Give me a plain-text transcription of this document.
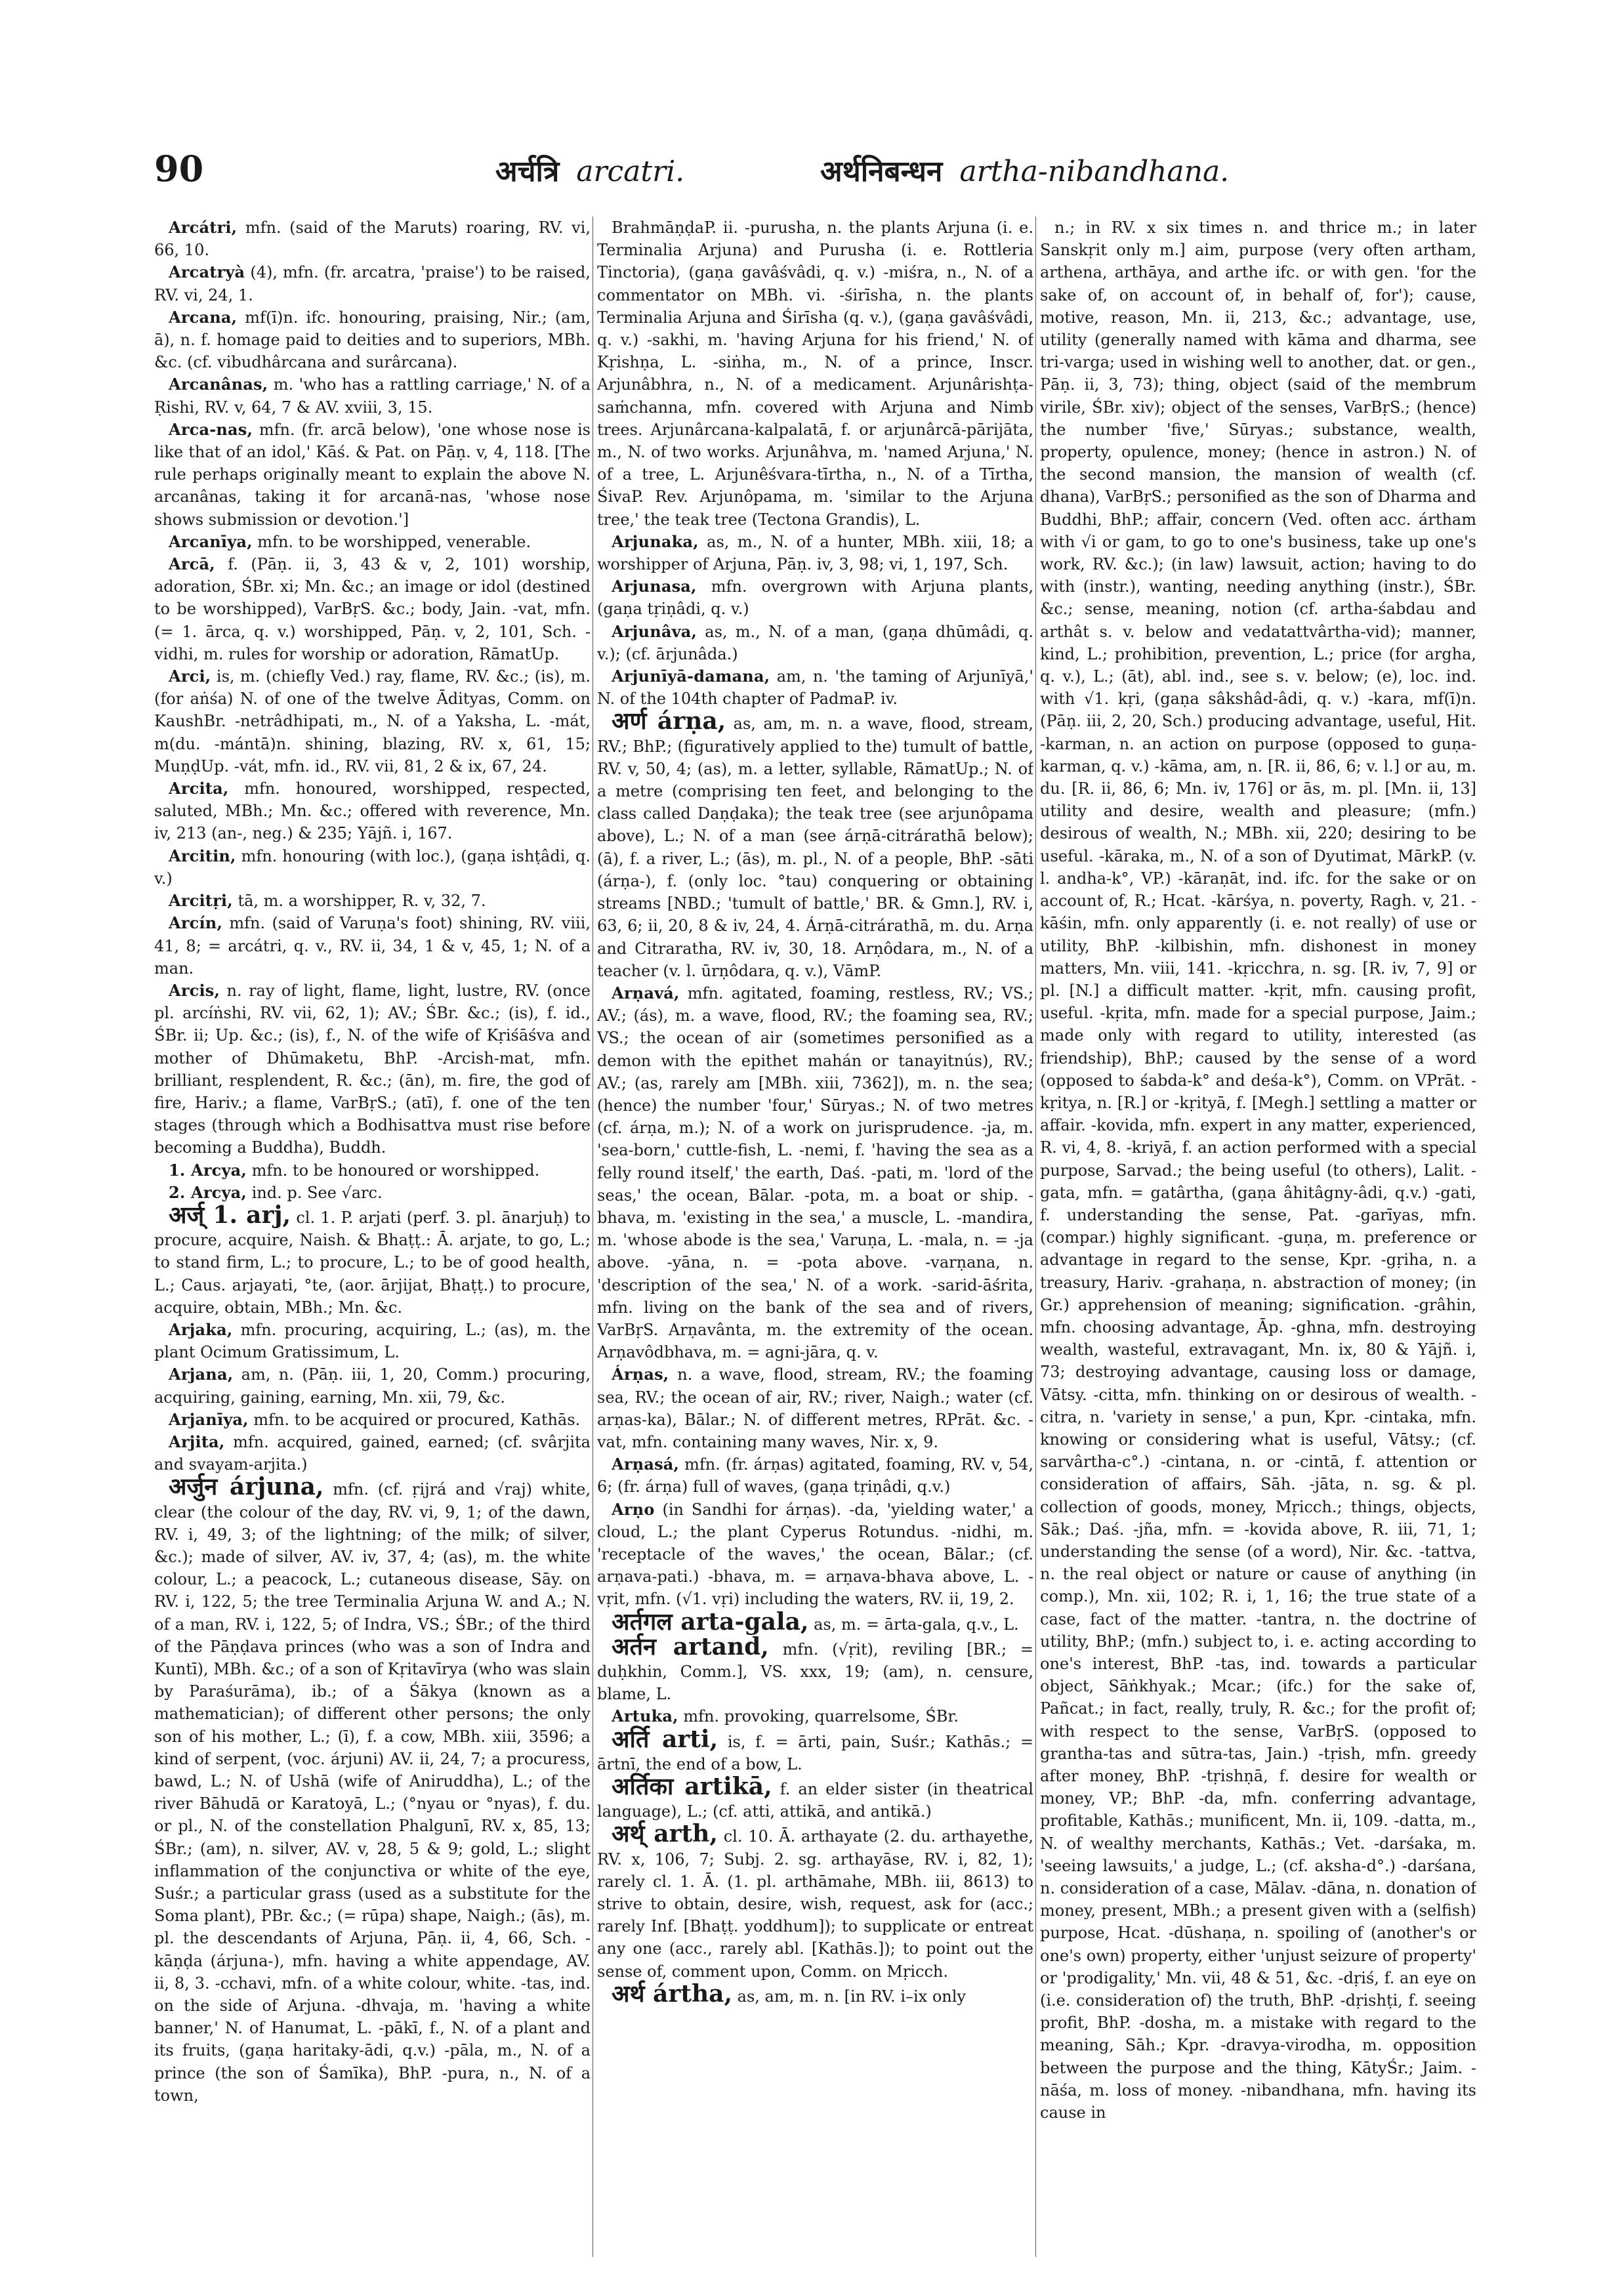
90	अर्चत्रि arcatri.	अर्थनिबन्धन artha-nibandhana.

Arcátri, mfn. (said of the Maruts) roaring, RV. vi, 66, 10.

Arcatryà (4), mfn. (fr. arcatra, 'praise') to be raised, RV. vi, 24, 1.

Arcana, mf(ī)n. ifc. honouring, praising, Nir.; (am, ā), n. f. homage paid to deities and to superiors, MBh. &c. (cf. vibudhârcana and surârcana).

Arcanânas, m. 'who has a rattling carriage,' N. of a Ṛishi, RV. v, 64, 7 & AV. xviii, 3, 15.

Arca-nas, mfn. (fr. arcā below), 'one whose nose is like that of an idol,' Kāś. & Pat. on Pāṇ. v, 4, 118. [The rule perhaps originally meant to explain the above N. arcanânas, taking it for arcanā-nas, 'whose nose shows submission or devotion.']

Arcanīya, mfn. to be worshipped, venerable.

Arcā, f. (Pāṇ. ii, 3, 43 & v, 2, 101) worship, adoration, ŚBr. xi; Mn. &c.; an image or idol (destined to be worshipped), VarBṛS. &c.; body, Jain. -vat, mfn. (= 1. ārca, q. v.) worshipped, Pāṇ. v, 2, 101, Sch. -vidhi, m. rules for worship or adoration, RāmatUp.

Arci, is, m. (chiefly Ved.) ray, flame, RV. &c.; (is), m. (for aṅśa) N. of one of the twelve Ādityas, Comm. on KaushBr. -netrâdhipati, m., N. of a Yaksha, L. -mát, m(du. -mántā)n. shining, blazing, RV. x, 61, 15; MuṇḍUp. -vát, mfn. id., RV. vii, 81, 2 & ix, 67, 24.

Arcita, mfn. honoured, worshipped, respected, saluted, MBh.; Mn. &c.; offered with reverence, Mn. iv, 213 (an-, neg.) & 235; Yājñ. i, 167.

Arcitin, mfn. honouring (with loc.), (gaṇa ishṭâdi, q. v.)

Arcitṛi, tā, m. a worshipper, R. v, 32, 7.

Arcín, mfn. (said of Varuṇa's foot) shining, RV. viii, 41, 8; = arcátri, q. v., RV. ii, 34, 1 & v, 45, 1; N. of a man.

Arcis, n. ray of light, flame, light, lustre, RV. (once pl. arcíṅshi, RV. vii, 62, 1); AV.; ŚBr. &c.; (is), f. id., ŚBr. ii; Up. &c.; (is), f., N. of the wife of Kṛiśāśva and mother of Dhūmaketu, BhP. -Arcish-mat, mfn. brilliant, resplendent, R. &c.; (ān), m. fire, the god of fire, Hariv.; a flame, VarBṛS.; (atī), f. one of the ten stages (through which a Bodhisattva must rise before becoming a Buddha), Buddh.

1. Arcya, mfn. to be honoured or worshipped.

2. Arcya, ind. p. See √arc.

अर्ज् 1. arj, cl. 1. P. arjati (perf. 3. pl. ānarjuḥ) to procure, acquire, Naish. & Bhaṭṭ.: Ā. arjate, to go, L.; to stand firm, L.; to procure, L.; to be of good health, L.; Caus. arjayati, °te, (aor. ārjijat, Bhaṭṭ.) to procure, acquire, obtain, MBh.; Mn. &c.

Arjaka, mfn. procuring, acquiring, L.; (as), m. the plant Ocimum Gratissimum, L.

Arjana, am, n. (Pāṇ. iii, 1, 20, Comm.) procuring, acquiring, gaining, earning, Mn. xii, 79, &c.

Arjanīya, mfn. to be acquired or procured, Kathās.

Arjita, mfn. acquired, gained, earned; (cf. svârjita and svayam-arjita.)

अर्जुन árjuna, mfn. (cf. ṛijrá and √raj) white, clear (the colour of the day, RV. vi, 9, 1; of the dawn, RV. i, 49, 3; of the lightning; of the milk; of silver, &c.); made of silver, AV. iv, 37, 4; (as), m. the white colour, L.; a peacock, L.; cutaneous disease, Sāy. on RV. i, 122, 5; the tree Terminalia Arjuna W. and A.; N. of a man, RV. i, 122, 5; of Indra, VS.; ŚBr.; of the third of the Pāṇḍava princes (who was a son of Indra and Kuntī), MBh. &c.; of a son of Kṛitavīrya (who was slain by Paraśurāma), ib.; of a Śākya (known as a mathematician); of different other persons; the only son of his mother, L.; (ī), f. a cow, MBh. xiii, 3596; a kind of serpent, (voc. árjuni) AV. ii, 24, 7; a procuress, bawd, L.; N. of Ushā (wife of Aniruddha), L.; of the river Bāhudā or Karatoyā, L.; (°nyau or °nyas), f. du. or pl., N. of the constellation Phalgunī, RV. x, 85, 13; ŚBr.; (am), n. silver, AV. v, 28, 5 & 9; gold, L.; slight inflammation of the conjunctiva or white of the eye, Suśr.; a particular grass (used as a substitute for the Soma plant), PBr. &c.; (= rūpa) shape, Naigh.; (ās), m. pl. the descendants of Arjuna, Pāṇ. ii, 4, 66, Sch. -kāṇḍa (árjuna-), mfn. having a white appendage, AV. ii, 8, 3. -cchavi, mfn. of a white colour, white. -tas, ind. on the side of Arjuna. -dhvaja, m. 'having a white banner,' N. of Hanumat, L. -pākī, f., N. of a plant and its fruits, (gaṇa haritaky-ādi, q.v.) -pāla, m., N. of a prince (the son of Śamīka), BhP. -pura, n., N. of a town,

BrahmāṇḍaP. ii. -purusha, n. the plants Arjuna (i. e. Terminalia Arjuna) and Purusha (i. e. Rottleria Tinctoria), (gaṇa gavâśvâdi, q. v.) -miśra, n., N. of a commentator on MBh. vi. -śirīsha, n. the plants Terminalia Arjuna and Śirīsha (q. v.), (gaṇa gavâśvâdi, q. v.) -sakhi, m. 'having Arjuna for his friend,' N. of Kṛishṇa, L. -siṅha, m., N. of a prince, Inscr. Arjunâbhra, n., N. of a medicament. Arjunârishṭa-saṁchanna, mfn. covered with Arjuna and Nimb trees. Arjunârcana-kalpalatā, f. or arjunârcā-pārijāta, m., N. of two works. Arjunâhva, m. 'named Arjuna,' N. of a tree, L. Arjunêśvara-tīrtha, n., N. of a Tīrtha, ŚivaP. Rev. Arjunôpama, m. 'similar to the Arjuna tree,' the teak tree (Tectona Grandis), L.

Arjunaka, as, m., N. of a hunter, MBh. xiii, 18; a worshipper of Arjuna, Pāṇ. iv, 3, 98; vi, 1, 197, Sch.

Arjunasa, mfn. overgrown with Arjuna plants, (gaṇa tṛiṇâdi, q. v.)

Arjunâva, as, m., N. of a man, (gaṇa dhūmâdi, q. v.); (cf. ārjunâda.)

Arjunīyā-damana, am, n. 'the taming of Arjunīyā,' N. of the 104th chapter of PadmaP. iv.

अर्ण árṇa, as, am, m. n. a wave, flood, stream, RV.; BhP.; (figuratively applied to the) tumult of battle, RV. v, 50, 4; (as), m. a letter, syllable, RāmatUp.; N. of a metre (comprising ten feet, and belonging to the class called Daṇḍaka); the teak tree (see arjunôpama above), L.; N. of a man (see árṇā-citrárathā below); (ā), f. a river, L.; (ās), m. pl., N. of a people, BhP. -sāti (árṇa-), f. (only loc. °tau) conquering or obtaining streams [NBD.; 'tumult of battle,' BR. & Gmn.], RV. i, 63, 6; ii, 20, 8 & iv, 24, 4. Árṇā-citrárathā, m. du. Arṇa and Citraratha, RV. iv, 30, 18. Arṇôdara, m., N. of a teacher (v. l. ūrṇôdara, q. v.), VāmP.

Arṇavá, mfn. agitated, foaming, restless, RV.; VS.; AV.; (ás), m. a wave, flood, RV.; the foaming sea, RV.; VS.; the ocean of air (sometimes personified as a demon with the epithet mahán or tanayitnús), RV.; AV.; (as, rarely am [MBh. xiii, 7362]), m. n. the sea; (hence) the number 'four,' Sūryas.; N. of two metres (cf. árṇa, m.); N. of a work on jurisprudence. -ja, m. 'sea-born,' cuttle-fish, L. -nemi, f. 'having the sea as a felly round itself,' the earth, Daś. -pati, m. 'lord of the seas,' the ocean, Bālar. -pota, m. a boat or ship. -bhava, m. 'existing in the sea,' a muscle, L. -mandira, m. 'whose abode is the sea,' Varuṇa, L. -mala, n. = -ja above. -yāna, n. = -pota above. -varṇana, n. 'description of the sea,' N. of a work. -sarid-āśrita, mfn. living on the bank of the sea and of rivers, VarBṛS. Arṇavânta, m. the extremity of the ocean. Arṇavôdbhava, m. = agni-jāra, q. v.

Árṇas, n. a wave, flood, stream, RV.; the foaming sea, RV.; the ocean of air, RV.; river, Naigh.; water (cf. arṇas-ka), Bālar.; N. of different metres, RPrāt. &c. -vat, mfn. containing many waves, Nir. x, 9.

Arṇasá, mfn. (fr. árṇas) agitated, foaming, RV. v, 54, 6; (fr. árṇa) full of waves, (gaṇa tṛiṇâdi, q.v.)

Arṇo (in Sandhi for árṇas). -da, 'yielding water,' a cloud, L.; the plant Cyperus Rotundus. -nidhi, m. 'receptacle of the waves,' the ocean, Bālar.; (cf. arṇava-pati.) -bhava, m. = arṇava-bhava above, L. -vṛit, mfn. (√1. vṛi) including the waters, RV. ii, 19, 2.

अर्तगल arta-gala, as, m. = ārta-gala, q.v., L.

अर्तन artand, mfn. (√ṛit), reviling [BR.; = duḥkhin, Comm.], VS. xxx, 19; (am), n. censure, blame, L.

Artuka, mfn. provoking, quarrelsome, ŚBr.

अर्ति arti, is, f. = ārti, pain, Suśr.; Kathās.; = ārtnī, the end of a bow, L.

अर्तिका artikā, f. an elder sister (in theatrical language), L.; (cf. atti, attikā, and antikā.)

अर्थ् arth, cl. 10. Ā. arthayate (2. du. arthayethe, RV. x, 106, 7; Subj. 2. sg. arthayāse, RV. i, 82, 1); rarely cl. 1. Ā. (1. pl. arthāmahe, MBh. iii, 8613) to strive to obtain, desire, wish, request, ask for (acc.; rarely Inf. [Bhaṭṭ. yoddhum]); to supplicate or entreat any one (acc., rarely abl. [Kathās.]); to point out the sense of, comment upon, Comm. on Mṛicch.

अर्थ ártha, as, am, m. n. [in RV. i–ix only

n.; in RV. x six times n. and thrice m.; in later Sanskṛit only m.] aim, purpose (very often artham, arthena, arthāya, and arthe ifc. or with gen. 'for the sake of, on account of, in behalf of, for'); cause, motive, reason, Mn. ii, 213, &c.; advantage, use, utility (generally named with kāma and dharma, see tri-varga; used in wishing well to another, dat. or gen., Pāṇ. ii, 3, 73); thing, object (said of the membrum virile, ŚBr. xiv); object of the senses, VarBṛS.; (hence) the number 'five,' Sūryas.; substance, wealth, property, opulence, money; (hence in astron.) N. of the second mansion, the mansion of wealth (cf. dhana), VarBṛS.; personified as the son of Dharma and Buddhi, BhP.; affair, concern (Ved. often acc. ártham with √i or gam, to go to one's business, take up one's work, RV. &c.); (in law) lawsuit, action; having to do with (instr.), wanting, needing anything (instr.), ŚBr. &c.; sense, meaning, notion (cf. artha-śabdau and arthât s. v. below and vedatattvârtha-vid); manner, kind, L.; prohibition, prevention, L.; price (for argha, q. v.), L.; (āt), abl. ind., see s. v. below; (e), loc. ind. with √1. kṛi, (gaṇa sâkshâd-âdi, q. v.) -kara, mf(ī)n. (Pāṇ. iii, 2, 20, Sch.) producing advantage, useful, Hit. -karman, n. an action on purpose (opposed to guṇa-karman, q. v.) -kāma, am, n. [R. ii, 86, 6; v. l.] or au, m. du. [R. ii, 86, 6; Mn. iv, 176] or ās, m. pl. [Mn. ii, 13] utility and desire, wealth and pleasure; (mfn.) desirous of wealth, N.; MBh. xii, 220; desiring to be useful. -kāraka, m., N. of a son of Dyutimat, MārkP. (v. l. andha-k°, VP.) -kāraṇāt, ind. ifc. for the sake or on account of, R.; Hcat. -kārśya, n. poverty, Ragh. v, 21. -kāśin, mfn. only apparently (i. e. not really) of use or utility, BhP. -kilbishin, mfn. dishonest in money matters, Mn. viii, 141. -kṛicchra, n. sg. [R. iv, 7, 9] or pl. [N.] a difficult matter. -kṛit, mfn. causing profit, useful. -kṛita, mfn. made for a special purpose, Jaim.; made only with regard to utility, interested (as friendship), BhP.; caused by the sense of a word (opposed to śabda-k° and deśa-k°), Comm. on VPrāt. -kṛitya, n. [R.] or -kṛityā, f. [Megh.] settling a matter or affair. -kovida, mfn. expert in any matter, experienced, R. vi, 4, 8. -kriyā, f. an action performed with a special purpose, Sarvad.; the being useful (to others), Lalit. -gata, mfn. = gatârtha, (gaṇa âhitâgny-âdi, q.v.) -gati, f. understanding the sense, Pat. -garīyas, mfn. (compar.) highly significant. -guṇa, m. preference or advantage in regard to the sense, Kpr. -gṛiha, n. a treasury, Hariv. -grahaṇa, n. abstraction of money; (in Gr.) apprehension of meaning; signification. -grâhin, mfn. choosing advantage, Āp. -ghna, mfn. destroying wealth, wasteful, extravagant, Mn. ix, 80 & Yājñ. i, 73; destroying advantage, causing loss or damage, Vātsy. -citta, mfn. thinking on or desirous of wealth. -citra, n. 'variety in sense,' a pun, Kpr. -cintaka, mfn. knowing or considering what is useful, Vātsy.; (cf. sarvârtha-c°.) -cintana, n. or -cintā, f. attention or consideration of affairs, Sāh. -jāta, n. sg. & pl. collection of goods, money, Mṛicch.; things, objects, Sāk.; Daś. -jña, mfn. = -kovida above, R. iii, 71, 1; understanding the sense (of a word), Nir. &c. -tattva, n. the real object or nature or cause of anything (in comp.), Mn. xii, 102; R. i, 1, 16; the true state of a case, fact of the matter. -tantra, n. the doctrine of utility, BhP.; (mfn.) subject to, i. e. acting according to one's interest, BhP. -tas, ind. towards a particular object, Sāṅkhyak.; Mcar.; (ifc.) for the sake of, Pañcat.; in fact, really, truly, R. &c.; for the profit of; with respect to the sense, VarBṛS. (opposed to grantha-tas and sūtra-tas, Jain.) -tṛish, mfn. greedy after money, BhP. -tṛishṇā, f. desire for wealth or money, VP.; BhP. -da, mfn. conferring advantage, profitable, Kathās.; munificent, Mn. ii, 109. -datta, m., N. of wealthy merchants, Kathās.; Vet. -darśaka, m. 'seeing lawsuits,' a judge, L.; (cf. aksha-d°.) -darśana, n. consideration of a case, Mālav. -dāna, n. donation of money, present, MBh.; a present given with a (selfish) purpose, Hcat. -dūshaṇa, n. spoiling of (another's or one's own) property, either 'unjust seizure of property' or 'prodigality,' Mn. vii, 48 & 51, &c. -dṛiś, f. an eye on (i.e. consideration of) the truth, BhP. -dṛishṭi, f. seeing profit, BhP. -dosha, m. a mistake with regard to the meaning, Sāh.; Kpr. -dravya-virodha, m. opposition between the purpose and the thing, KātyŚr.; Jaim. -nāśa, m. loss of money. -nibandhana, mfn. having its cause in
